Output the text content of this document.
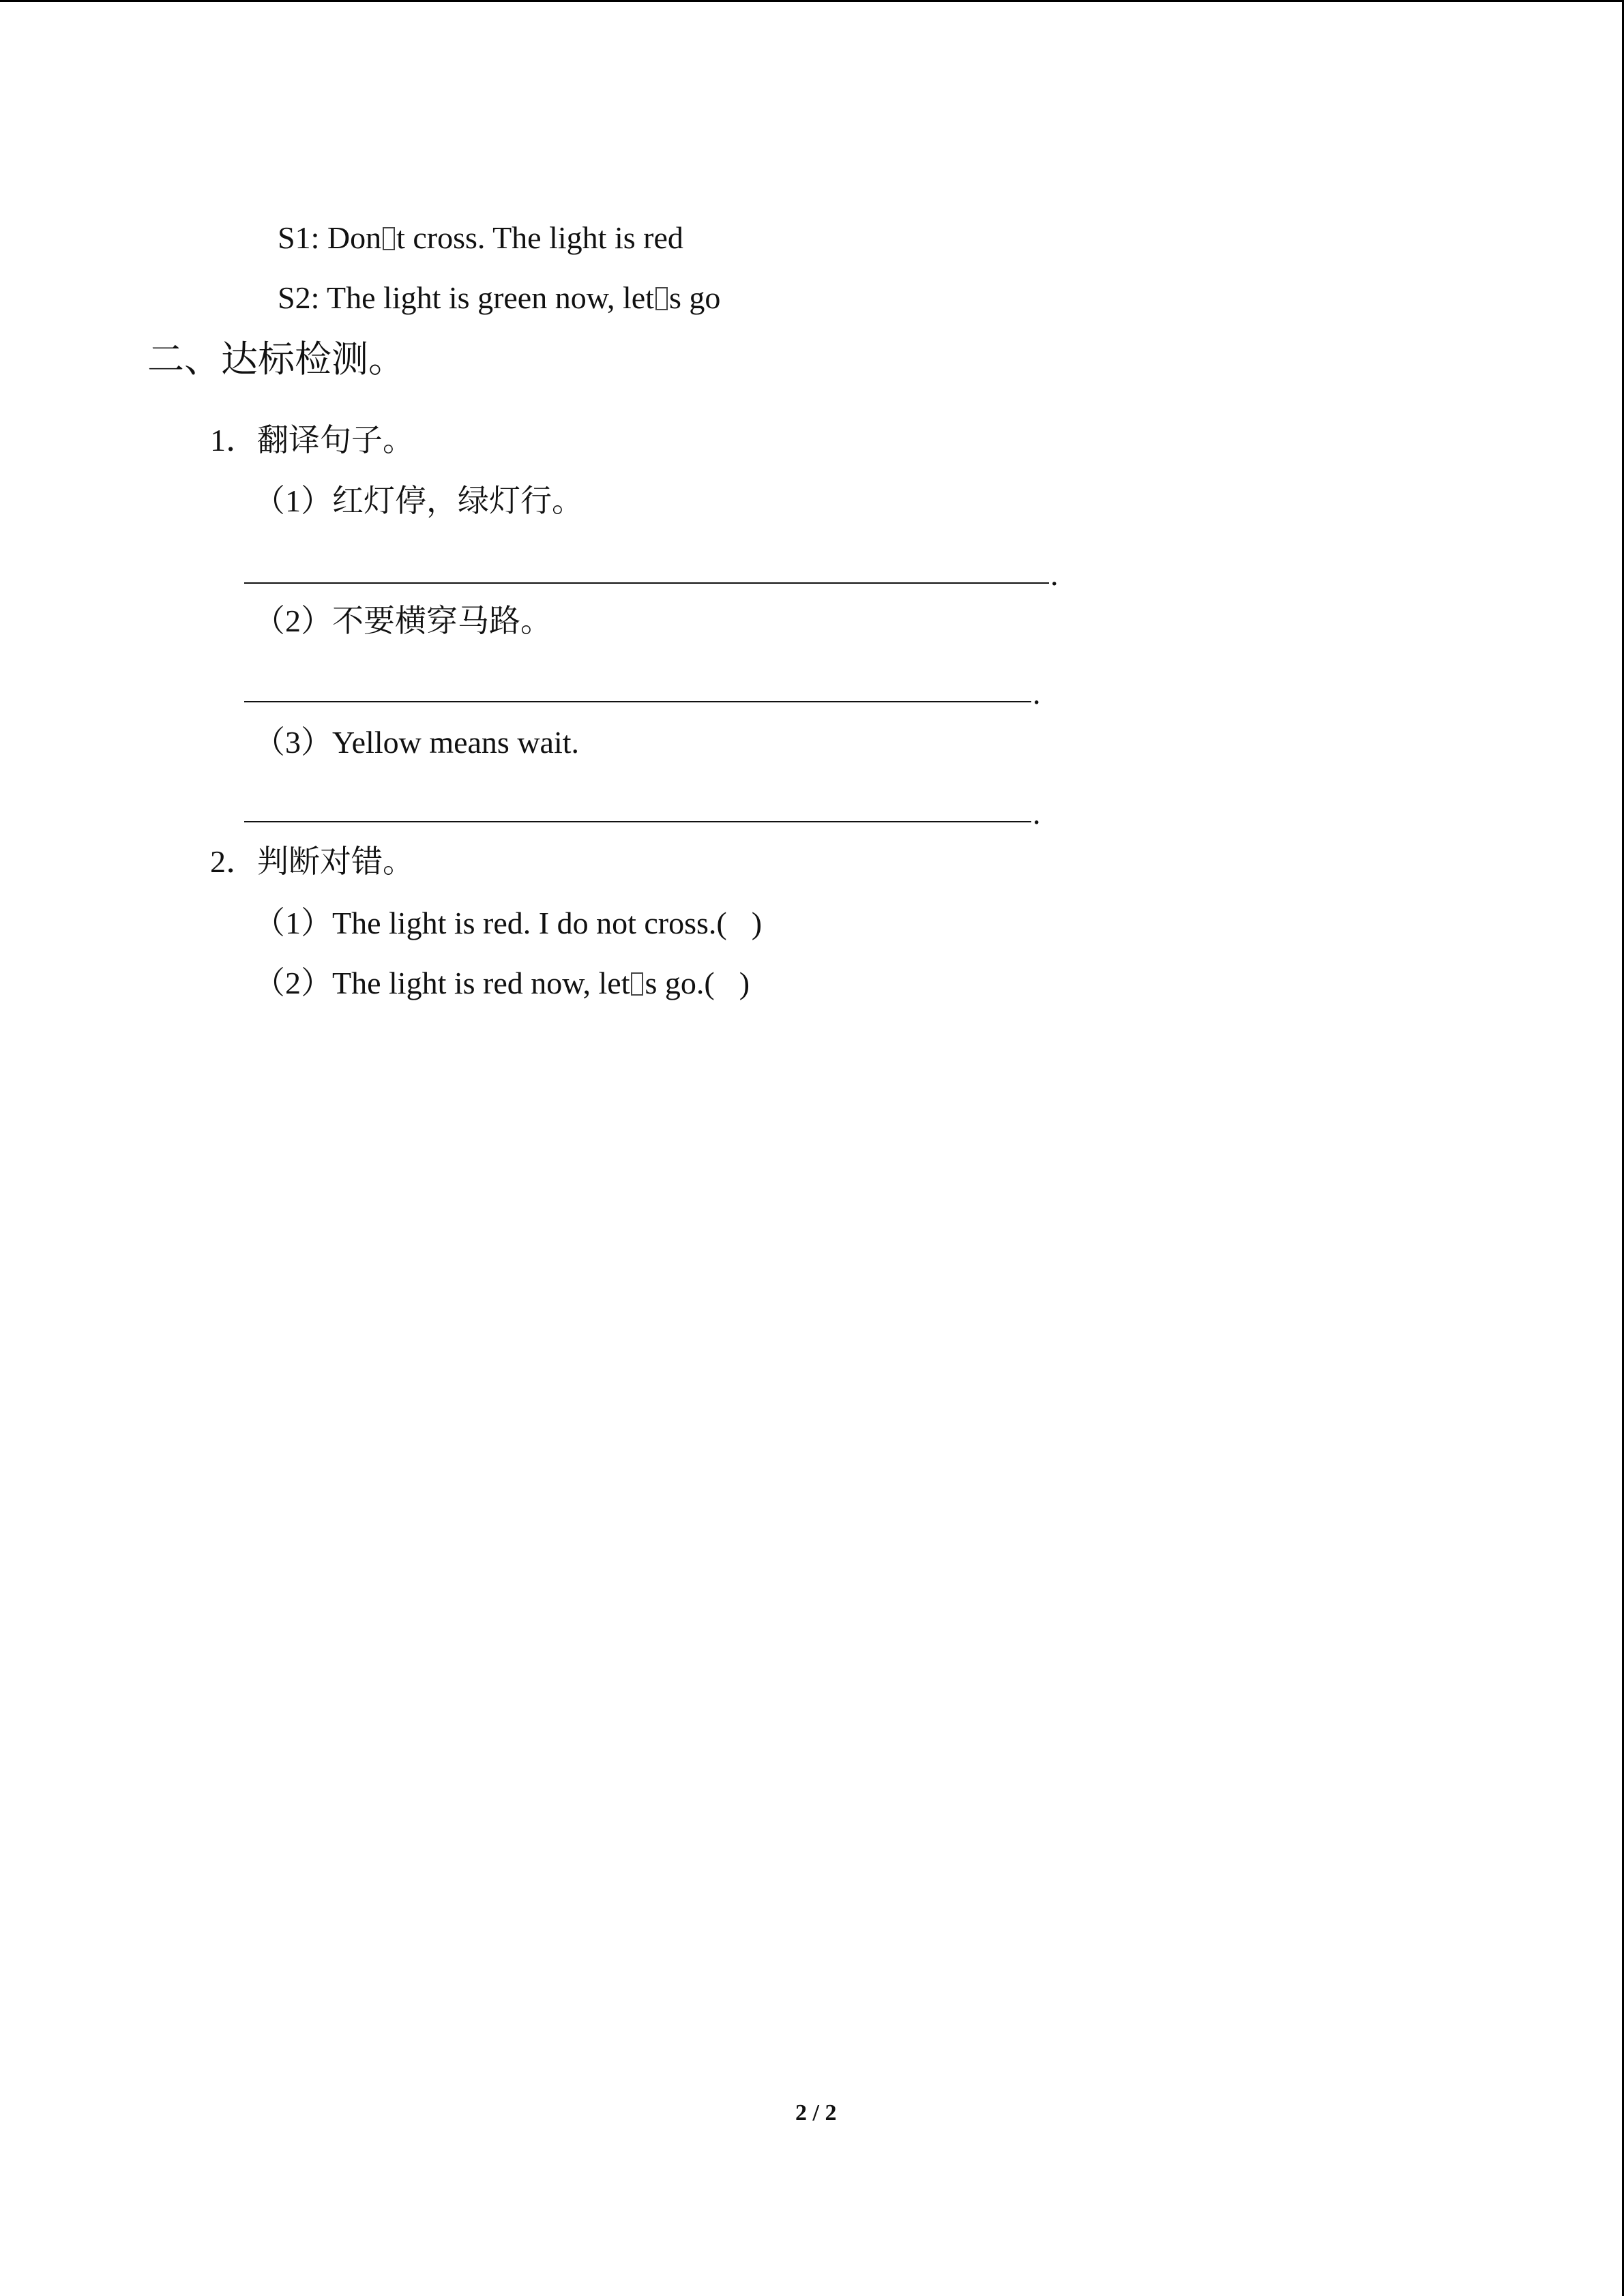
S1: Don t cross. The light is red
S2: The light is green now, let s go
二、达标检测。
1．翻译句子。
（1）红灯停，绿灯行。
.
（2）不要横穿马路。
.
（3）Yellow means wait.
.
2．判断对错。
（1）The light is red. I do not cross.( )
（2）The light is red now, let s go.( )
2 / 2
